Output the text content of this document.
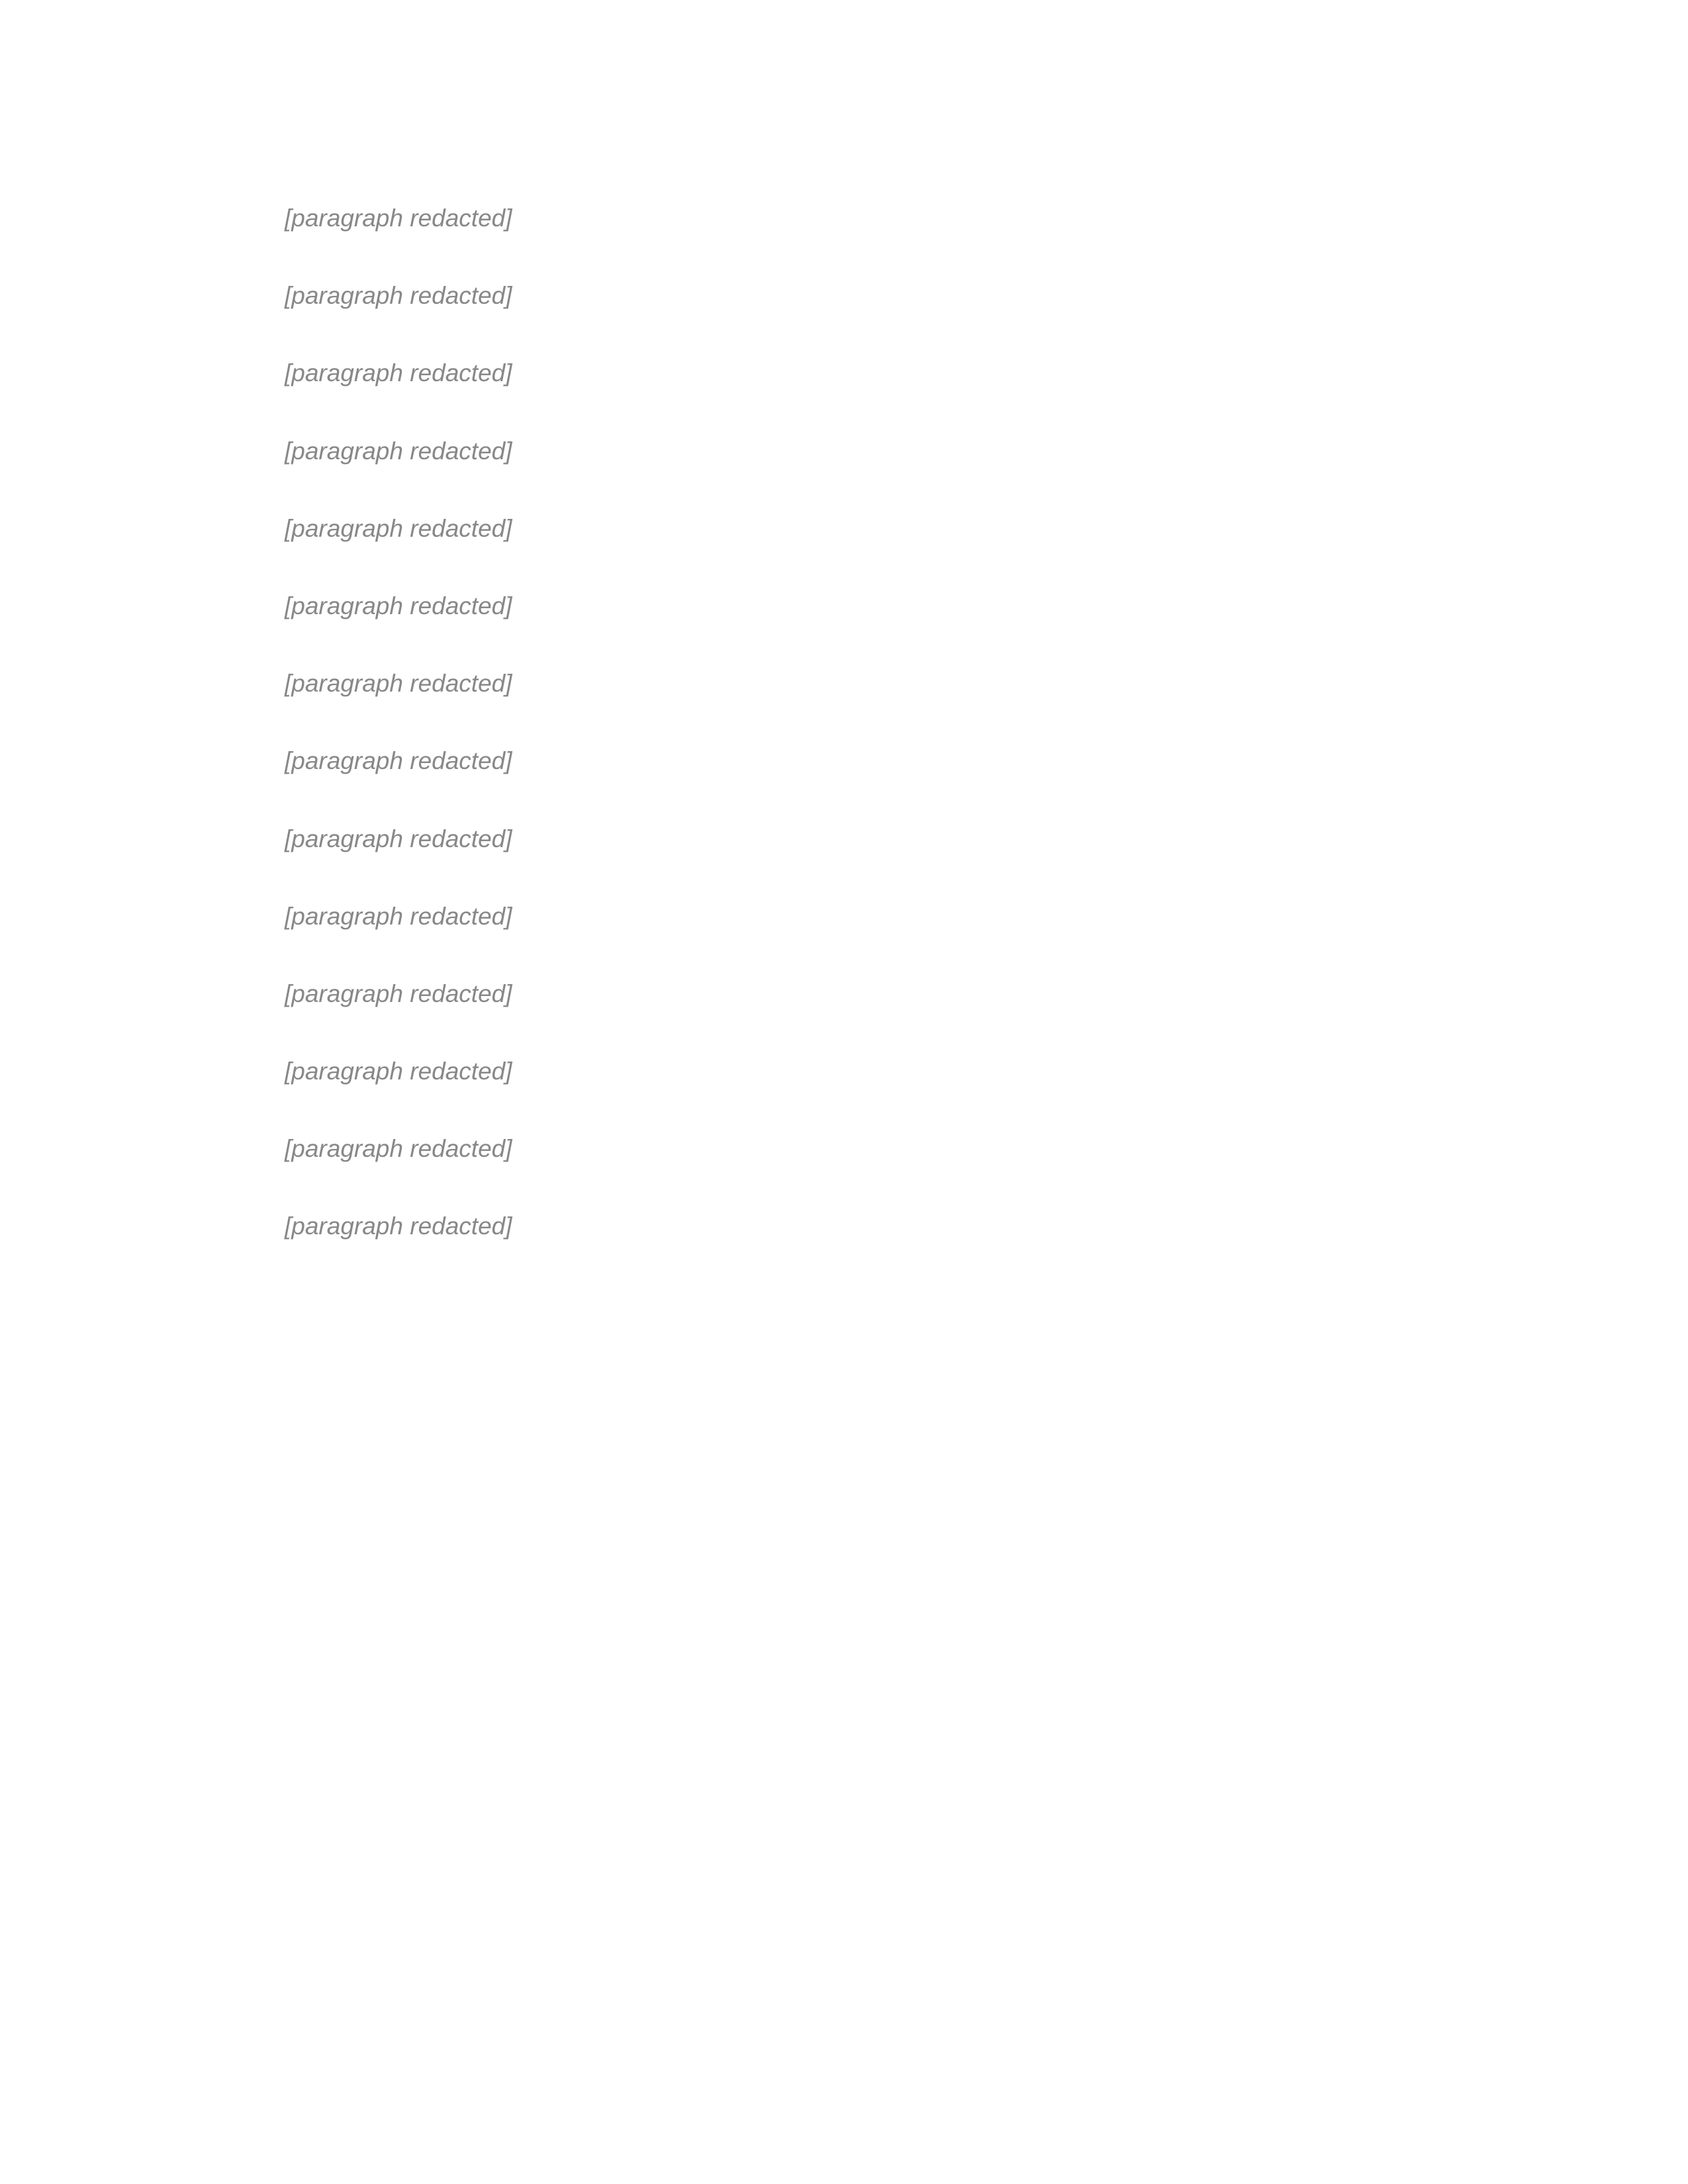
[paragraph redacted]

[paragraph redacted]

[paragraph redacted]

[paragraph redacted]

[paragraph redacted]

[paragraph redacted]

[paragraph redacted]

[paragraph redacted]

[paragraph redacted]

[paragraph redacted]

[paragraph redacted]

[paragraph redacted]

[paragraph redacted]

[paragraph redacted]
